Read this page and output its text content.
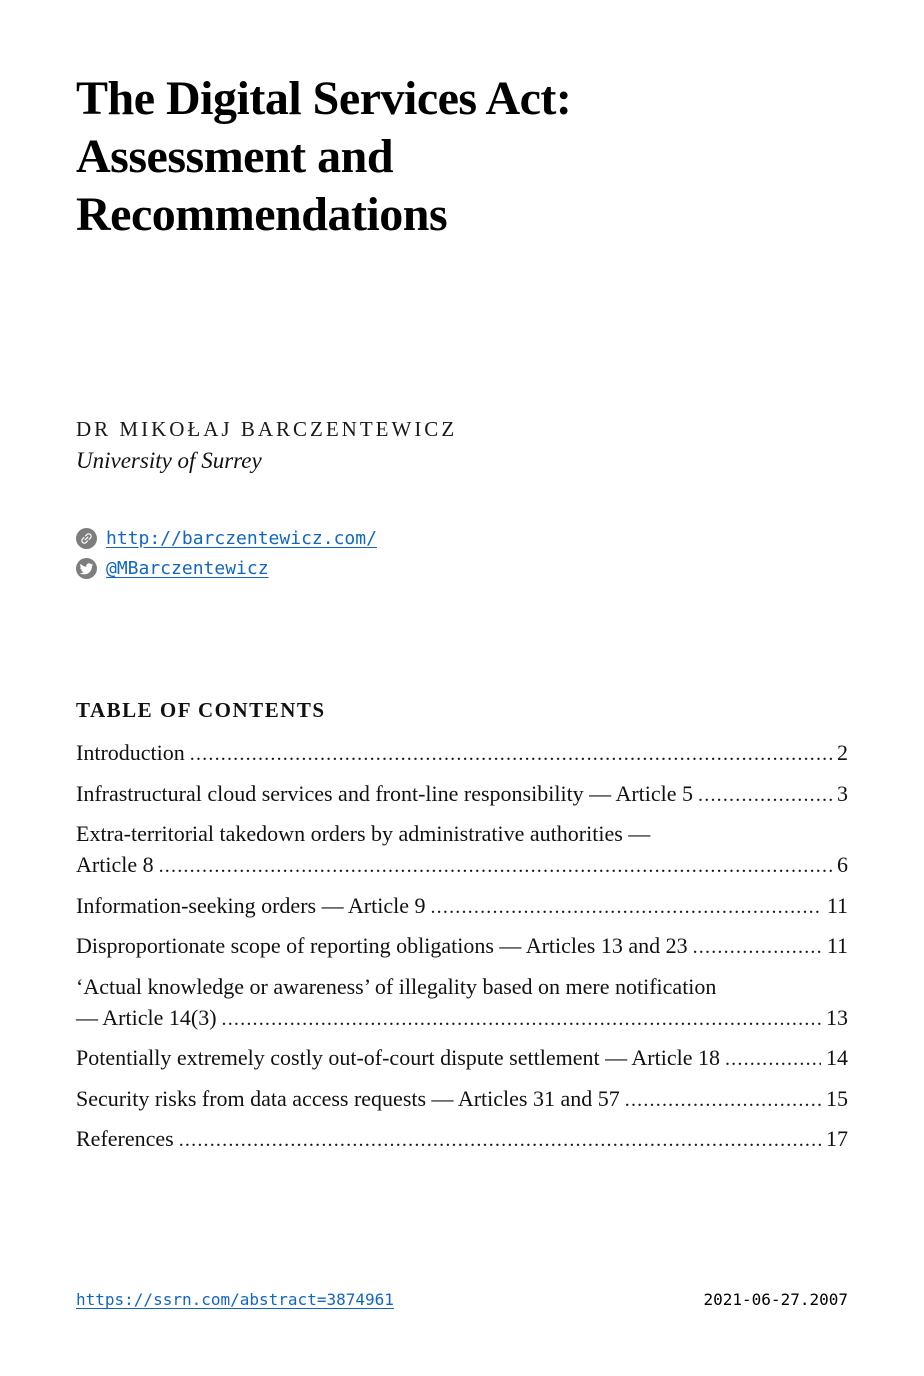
The Digital Services Act:
Assessment and
Recommendations
DR MIKOŁAJ BARCZENTEWICZ
University of Surrey
http://barczentewicz.com/
@MBarczentewicz
TABLE OF CONTENTS
Introduction .....	2
Infrastructural cloud services and front-line responsibility — Article 5 .....	3
Extra-territorial takedown orders by administrative authorities —
Article 8 .....	6
Information-seeking orders — Article 9 .....	11
Disproportionate scope of reporting obligations — Articles 13 and 23 .....	11
‘Actual knowledge or awareness’ of illegality based on mere notification
— Article 14(3) .....	13
Potentially extremely costly out-of-court dispute settlement — Article 18 .....	14
Security risks from data access requests — Articles 31 and 57 .....	15
References .....	17
https://ssrn.com/abstract=3874961	2021-06-27.2007
